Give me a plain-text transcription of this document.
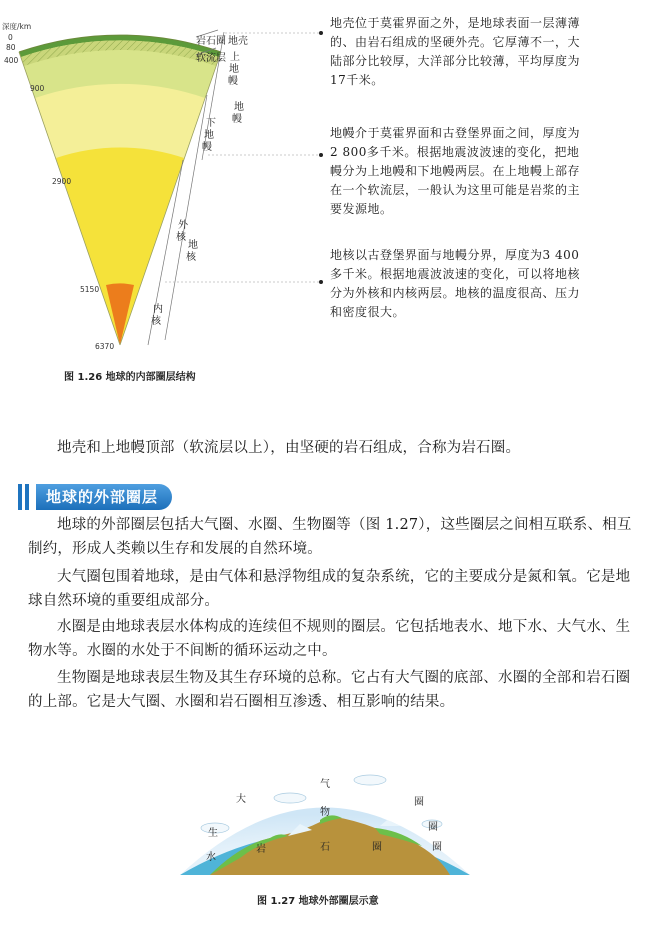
深度/km
0
80
400
900
2900
5150
6370
岩石圈
软流层
地壳
上
地
幔
地
幔
下
地
幔
外
核
地
核
内
核
地壳位于莫霍界面之外，是地球表面一层薄薄的、由岩石组成的坚硬外壳。它厚薄不一，大陆部分比较厚，大洋部分比较薄，平均厚度为17千米。
地幔介于莫霍界面和古登堡界面之间，厚度为2 800多千米。根据地震波波速的变化，把地幔分为上地幔和下地幔两层。在上地幔上部存在一个软流层，一般认为这里可能是岩浆的主要发源地。
地核以古登堡界面与地幔分界，厚度为3 400多千米。根据地震波波速的变化，可以将地核分为外核和内核两层。地核的温度很高、压力和密度很大。
图 1.26 地球的内部圈层结构
地壳和上地幔顶部（软流层以上），由坚硬的岩石组成，合称为岩石圈。
地球的外部圈层
地球的外部圈层包括大气圈、水圈、生物圈等（图 1.27），这些圈层之间相互联系、相互制约，形成人类赖以生存和发展的自然环境。
大气圈包围着地球，是由气体和悬浮物组成的复杂系统，它的主要成分是氮和氧。它是地球自然环境的重要组成部分。
水圈是由地球表层水体构成的连续但不规则的圈层。它包括地表水、地下水、大气水、生物水等。水圈的水处于不间断的循环运动之中。
生物圈是地球表层生物及其生存环境的总称。它占有大气圈的底部、水圈的全部和岩石圈的上部。它是大气圈、水圈和岩石圈相互渗透、相互影响的结果。
大
气
圈
生
物
圈
水
圈
岩	石	圈
图 1.27 地球外部圈层示意
